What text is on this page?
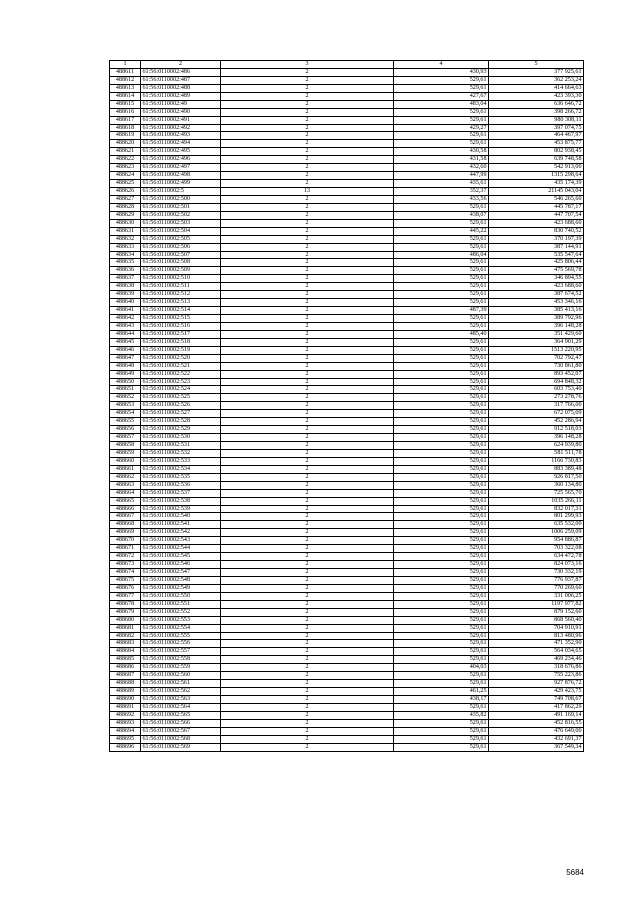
1	2	3	4	5
488611	61:56:0110002:486	2	430,93	377 925,61
488612	61:56:0110002:487	2	529,61	362 253,24
488613	61:56:0110002:488	2	529,61	414 664,63
488614	61:56:0110002:489	2	427,67	423 393,30
488615	61:56:0110002:49	2	483,04	636 646,72
488616	61:56:0110002:490	2	529,61	398 266,72
488617	61:56:0110002:491	2	529,61	980 308,11
488618	61:56:0110002:492	2	429,27	397 074,75
488619	61:56:0110002:493	2	529,61	464 467,97
488620	61:56:0110002:494	2	529,61	453 875,77
488621	61:56:0110002:495	2	430,58	802 938,45
488622	61:56:0110002:496	2	431,58	639 748,58
488623	61:56:0110002:497	2	432,60	542 913,00
488624	61:56:0110002:498	2	447,99	1315 298,64
488625	61:56:0110002:499	2	435,61	435 174,39
488626	61:56:0110002:5	13	352,37	21145 043,04
488627	61:56:0110002:500	2	433,56	546 265,60
488628	61:56:0110002:501	2	529,61	445 787,17
488629	61:56:0110002:502	2	438,07	447 707,54
488630	61:56:0110002:503	2	529,61	423 688,60
488631	61:56:0110002:504	2	445,22	830 740,52
488632	61:56:0110002:505	2	529,61	370 197,39
488633	61:56:0110002:506	2	529,61	387 144,91
488634	61:56:0110002:507	2	486,04	535 547,64
488635	61:56:0110002:508	2	529,61	425 806,44
488636	61:56:0110002:509	2	529,61	475 569,78
488637	61:56:0110002:510	2	529,61	346 894,55
488638	61:56:0110002:511	2	529,61	423 688,60
488639	61:56:0110002:512	2	529,61	387 674,52
488640	61:56:0110002:513	2	529,61	453 346,16
488641	61:56:0110002:514	2	487,39	385 413,16
488642	61:56:0110002:515	2	529,61	389 792,96
488643	61:56:0110002:516	2	529,61	396 148,28
488644	61:56:0110002:517	2	485,40	351 429,60
488645	61:56:0110002:518	2	529,61	364 901,29
488646	61:56:0110002:519	2	529,61	1513 220,95
488647	61:56:0110002:520	2	529,61	702 792,47
488648	61:56:0110002:521	2	529,61	730 861,80
488649	61:56:0110002:522	2	529,61	893 452,07
488650	61:56:0110002:523	2	529,61	694 848,32
488651	61:56:0110002:524	2	529,61	603 753,40
488652	61:56:0110002:525	2	529,61	273 278,76
488653	61:56:0110002:526	2	529,61	317 766,00
488654	61:56:0110002:527	2	529,61	672 075,09
488655	61:56:0110002:528	2	529,61	452 286,94
488656	61:56:0110002:529	2	529,61	912 518,03
488657	61:56:0110002:530	2	529,61	396 148,28
488658	61:56:0110002:531	2	529,61	624 939,80
488659	61:56:0110002:532	2	529,61	581 511,78
488660	61:56:0110002:533	2	529,61	1166 730,83
488661	61:56:0110002:534	2	529,61	883 389,48
488662	61:56:0110002:535	2	529,61	926 817,50
488663	61:56:0110002:536	2	529,61	360 134,80
488664	61:56:0110002:537	2	529,61	725 565,70
488665	61:56:0110002:538	2	529,61	1035 266,11
488666	61:56:0110002:539	2	529,61	832 017,31
488667	61:56:0110002:540	2	529,61	801 299,93
488668	61:56:0110002:541	2	529,61	635 532,00
488669	61:56:0110002:542	2	529,61	1006 259,09
488670	61:56:0110002:543	2	529,61	954 886,87
488671	61:56:0110002:544	2	529,61	703 322,08
488672	61:56:0110002:545	2	529,61	634 472,78
488673	61:56:0110002:546	2	529,61	824 073,16
488674	61:56:0110002:547	2	529,61	730 332,19
488675	61:56:0110002:548	2	529,61	776 937,87
488676	61:56:0110002:549	2	529,61	770 269,60
488677	61:56:0110002:550	2	529,61	331 006,25
488678	61:56:0110002:551	2	529,61	1197 977,82
488679	61:56:0110002:552	2	529,61	879 152,60
488680	61:56:0110002:553	2	529,61	868 560,40
488681	61:56:0110002:554	2	529,61	704 910,91
488682	61:56:0110002:555	2	529,61	813 480,96
488683	61:56:0110002:556	2	529,61	471 352,90
488684	61:56:0110002:557	2	529,61	564 034,65
488685	61:56:0110002:558	2	529,61	469 234,46
488686	61:56:0110002:559	2	404,03	318 676,86
488687	61:56:0110002:560	2	529,61	755 223,86
488688	61:56:0110002:561	2	529,61	927 876,72
488689	61:56:0110002:562	2	461,25	429 423,75
488690	61:56:0110002:563	2	438,17	749 708,67
488691	61:56:0110002:564	2	529,61	417 862,29
488692	61:56:0110002:565	2	435,82	491 169,14
488693	61:56:0110002:566	2	529,61	452 816,55
488694	61:56:0110002:567	2	529,61	476 649,00
488695	61:56:0110002:568	2	529,61	432 691,37
488696	61:56:0110002:569	2	529,61	367 549,34
5684
